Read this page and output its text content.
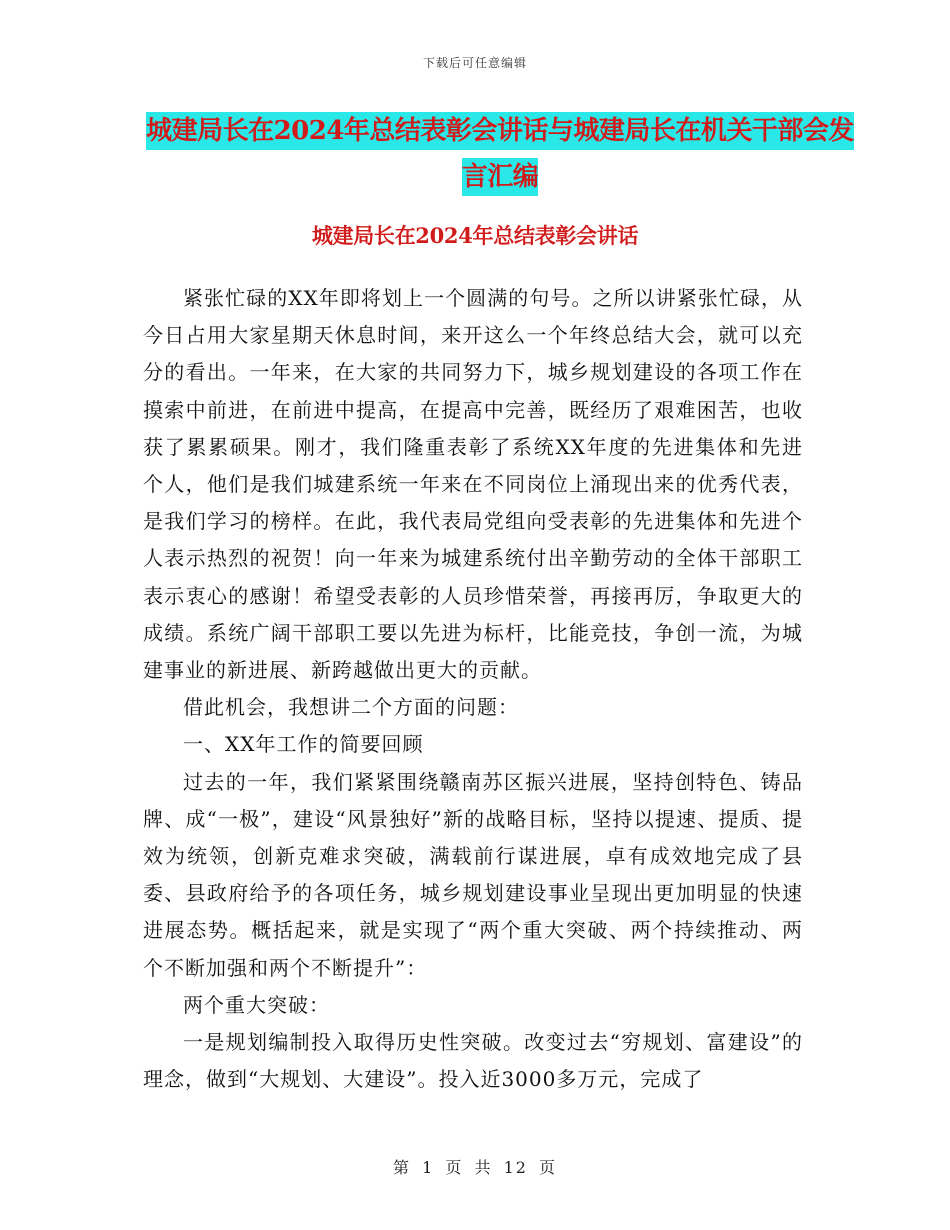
下载后可任意编辑
城建局长在2024年总结表彰会讲话与城建局长在机关干部会发言汇编
城建局长在2024年总结表彰会讲话

紧张忙碌的XX年即将划上一个圆满的句号。之所以讲紧张忙碌，从今日占用大家星期天休息时间，来开这么一个年终总结大会，就可以充分的看出。一年来，在大家的共同努力下，城乡规划建设的各项工作在摸索中前进，在前进中提高，在提高中完善，既经历了艰难困苦，也收获了累累硕果。刚才，我们隆重表彰了系统XX年度的先进集体和先进个人，他们是我们城建系统一年来在不同岗位上涌现出来的优秀代表，是我们学习的榜样。在此，我代表局党组向受表彰的先进集体和先进个人表示热烈的祝贺！向一年来为城建系统付出辛勤劳动的全体干部职工表示衷心的感谢！希望受表彰的人员珍惜荣誉，再接再厉，争取更大的成绩。系统广阔干部职工要以先进为标杆，比能竞技，争创一流，为城建事业的新进展、新跨越做出更大的贡献。

借此机会，我想讲二个方面的问题：

一、XX年工作的简要回顾

过去的一年，我们紧紧围绕赣南苏区振兴进展，坚持创特色、铸品牌、成“一极”，建设“风景独好”新的战略目标，坚持以提速、提质、提效为统领，创新克难求突破，满载前行谋进展，卓有成效地完成了县委、县政府给予的各项任务，城乡规划建设事业呈现出更加明显的快速进展态势。概括起来，就是实现了“两个重大突破、两个持续推动、两个不断加强和两个不断提升”：

两个重大突破：

一是规划编制投入取得历史性突破。改变过去“穷规划、富建设”的理念，做到“大规划、大建设”。投入近3000多万元，完成了

第 1 页 共 12 页
